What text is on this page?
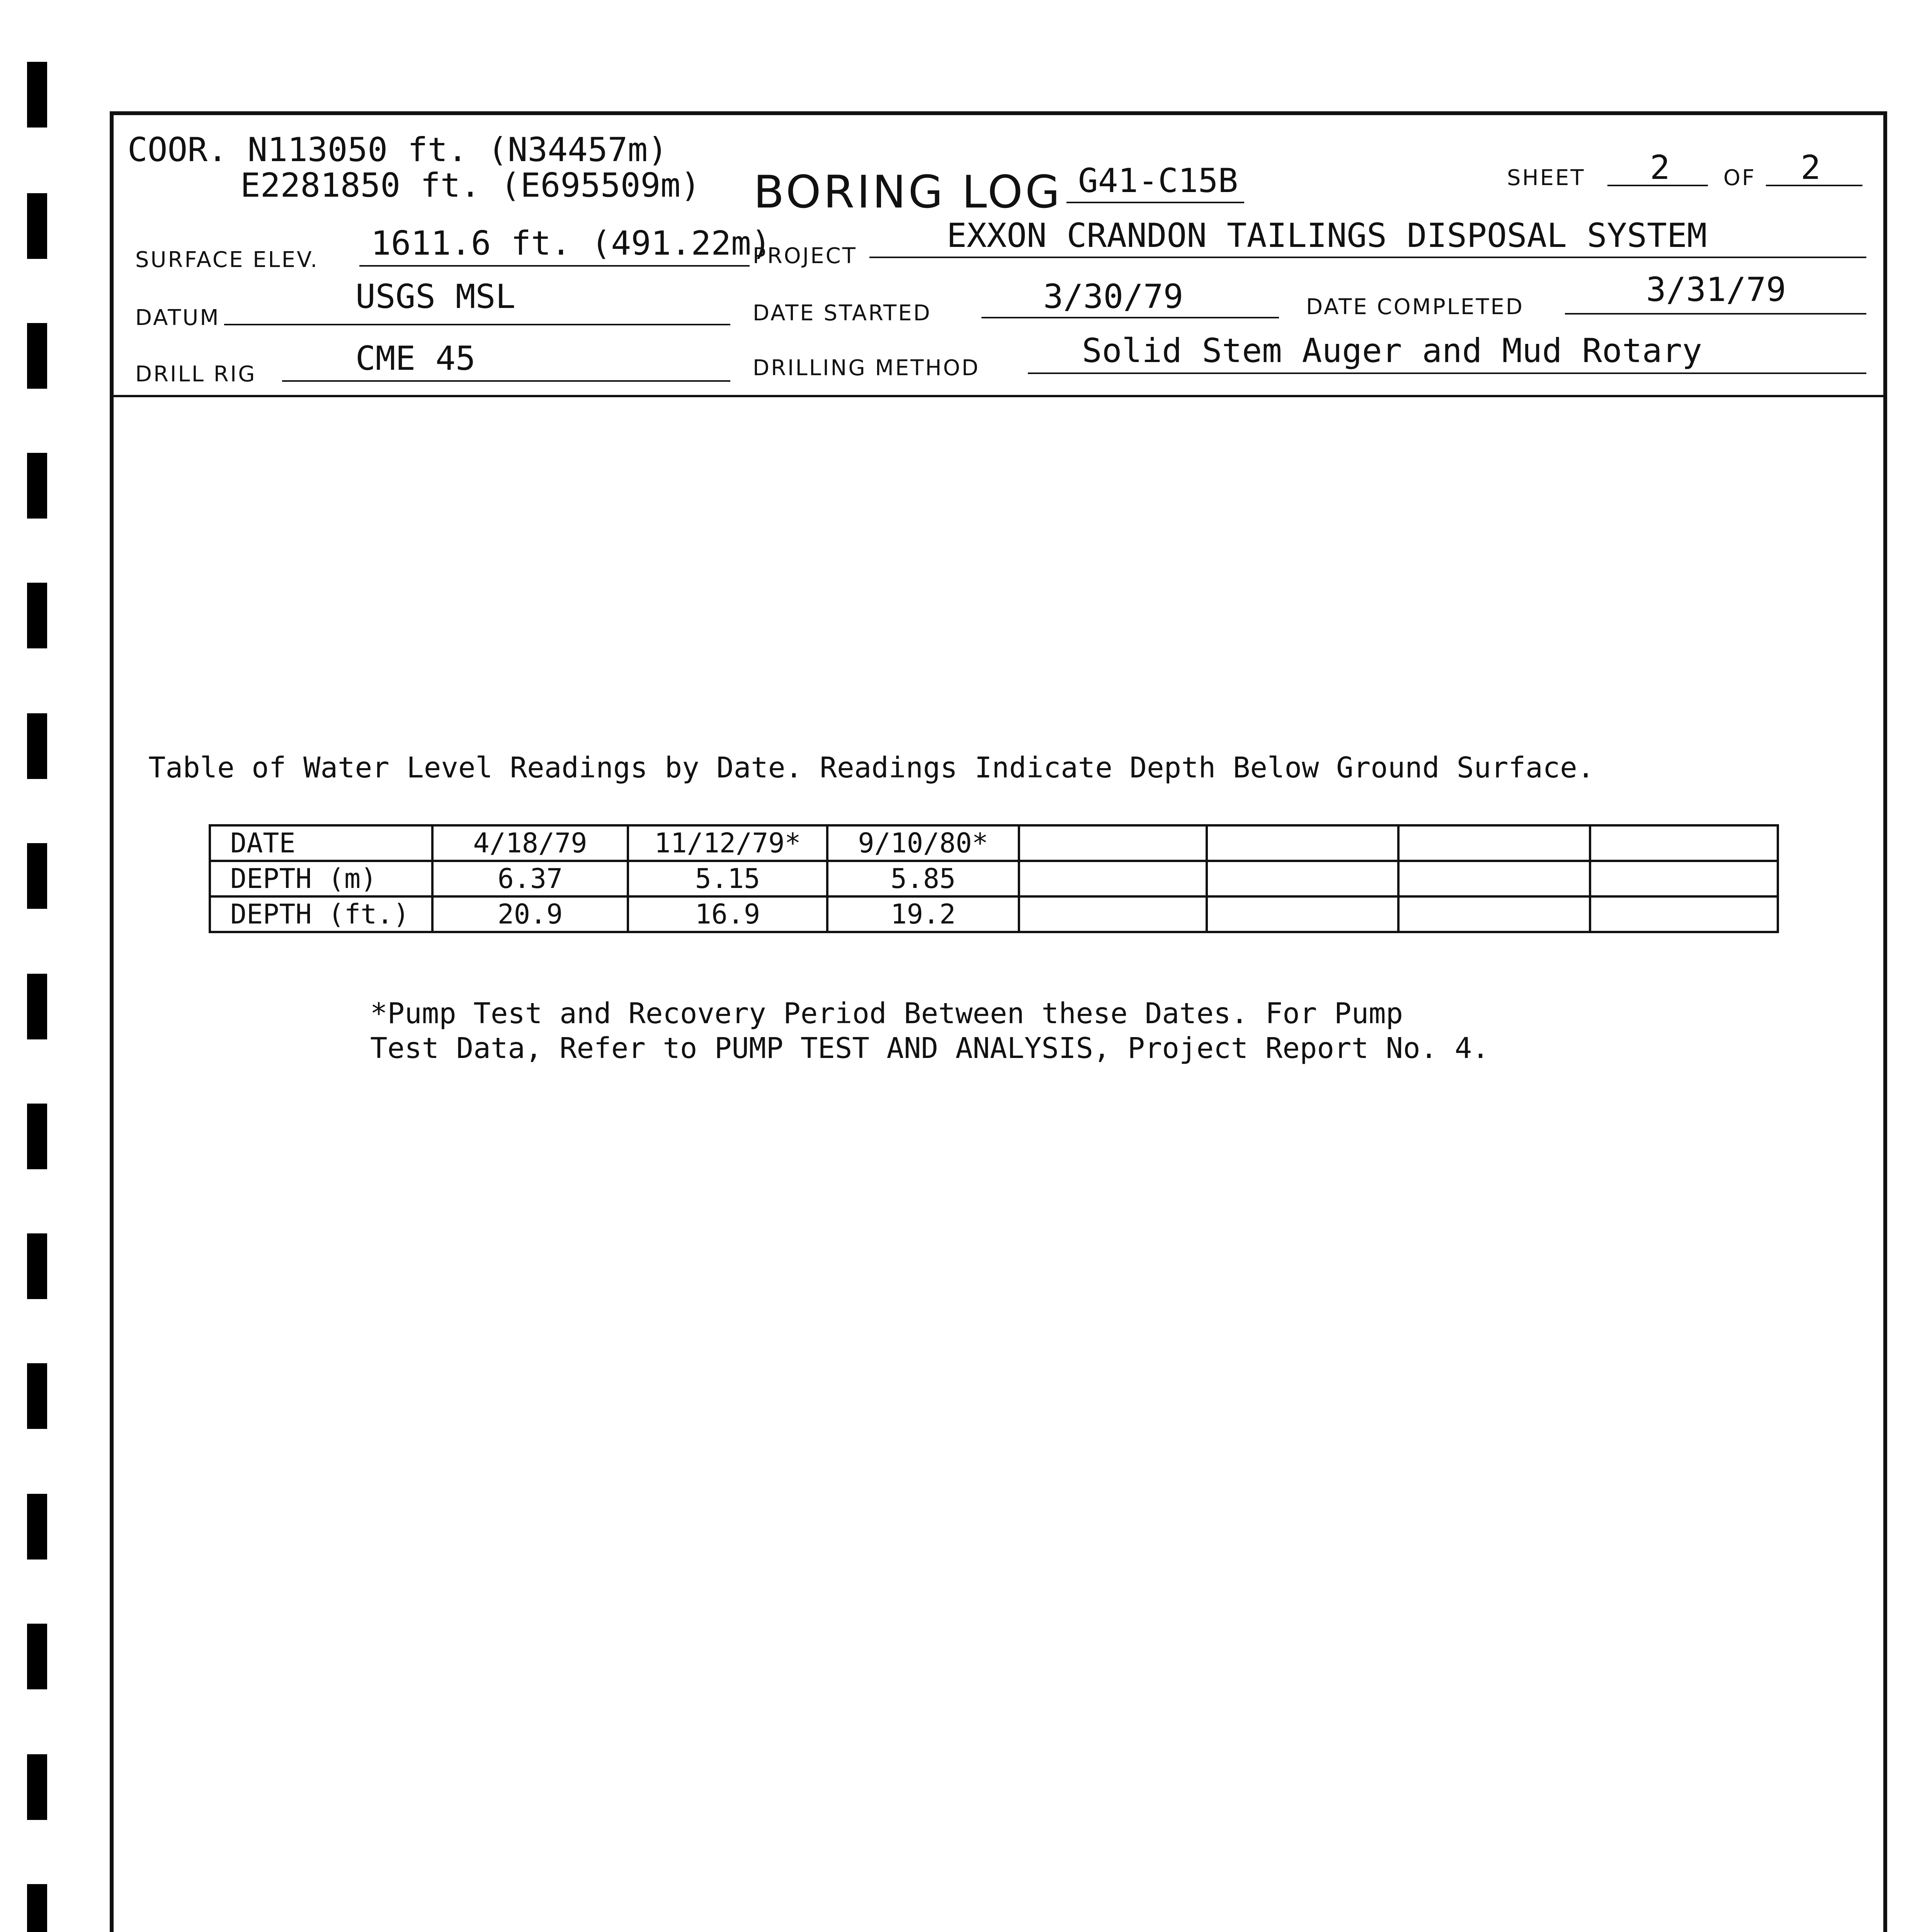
COOR. N113050 ft. (N34457m)
E2281850 ft. (E695509m) BORING LOG G41-C15B	SHEET 2 OF 2
SURFACE ELEV. 1611.6 ft. (491.22m)
PROJECT
EXXON CRANDON TAILINGS DISPOSAL SYSTEM
DATUM
USGS MSL	DATE STARTED	3/30/79	DATE COMPLETED	3/31/79
DRILL RIG	CME 45	DRILLING METHOD	Solid Stem Auger and Mud Rotary
Table of Water Level Readings by Date. Readings Indicate Depth Below Ground Surface.
DATE	4/18/79	11/12/79*	9/10/80*				
DEPTH (m)	6.37	5.15	5.85				
DEPTH (ft.)	20.9	16.9	19.2				
*Pump Test and Recovery Period Between these Dates. For Pump
Test Data, Refer to PUMP TEST AND ANALYSIS, Project Report No. 4.
